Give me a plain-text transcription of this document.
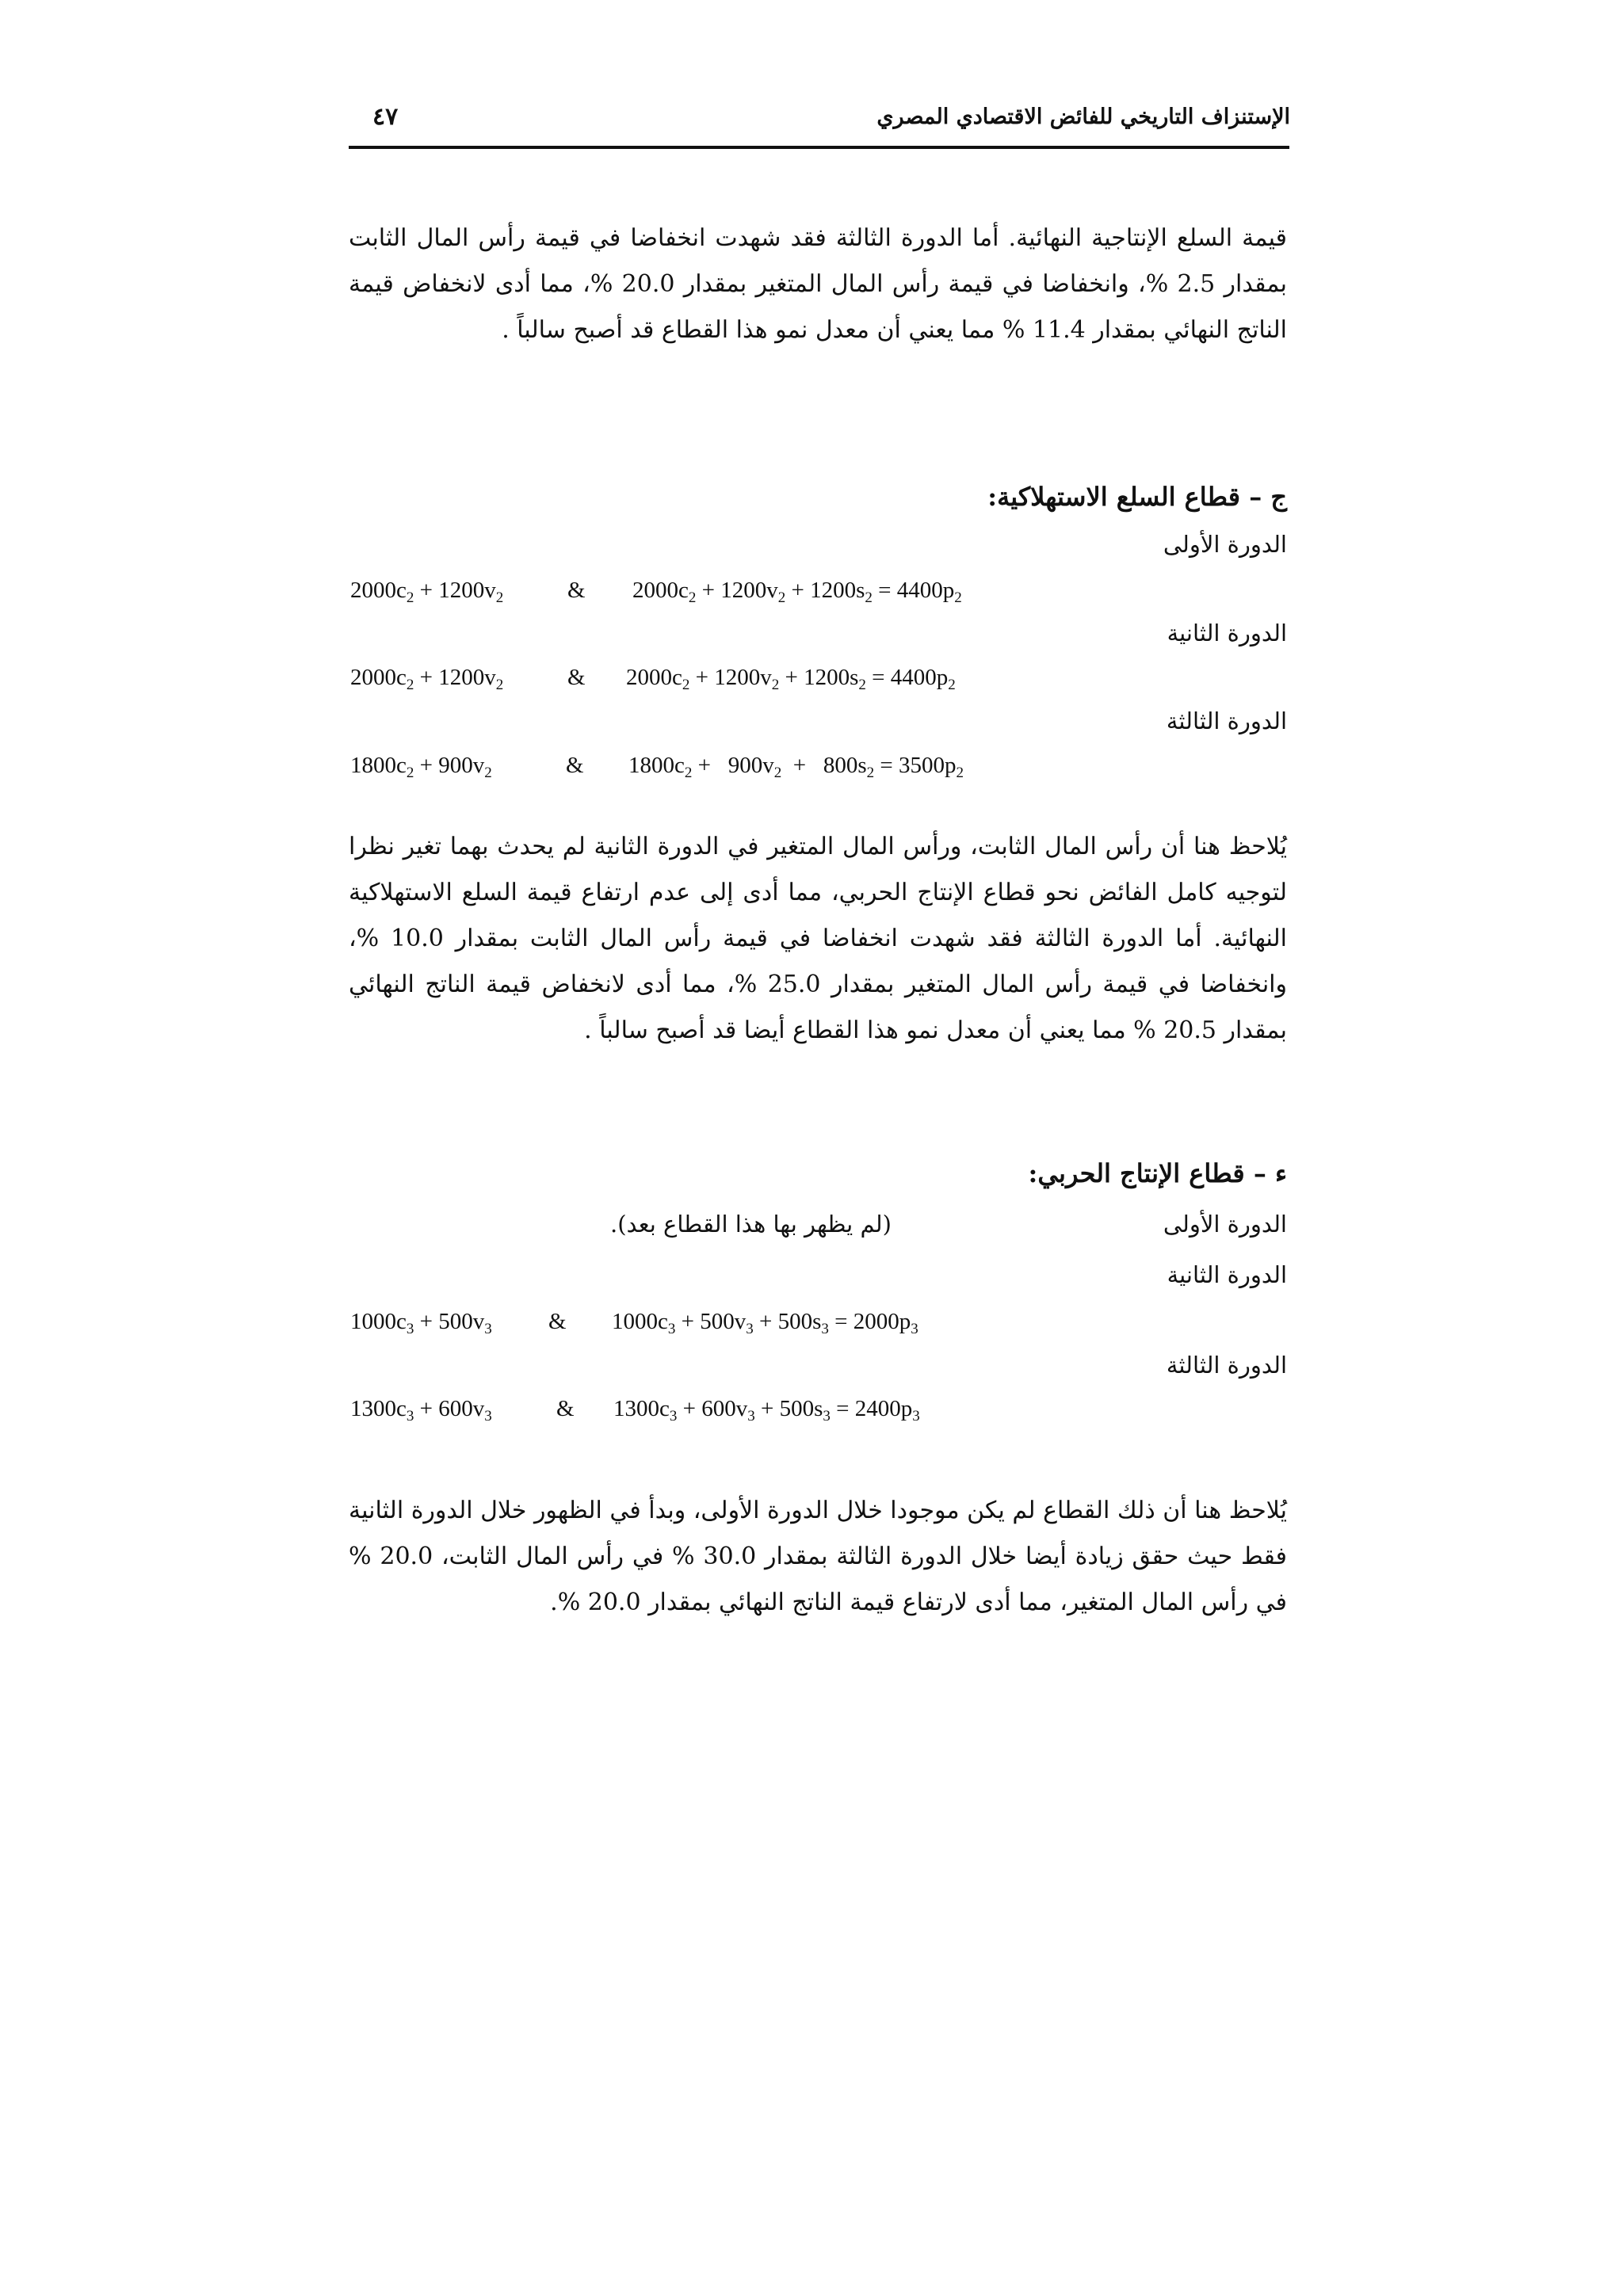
الإستنزاف التاريخي للفائض الاقتصادي المصري
٤٧

قيمة السلع الإنتاجية النهائية. أما الدورة الثالثة فقد شهدت انخفاضا في قيمة رأس المال الثابت بمقدار 2.5 %، وانخفاضا في قيمة رأس المال المتغير بمقدار 20.0 %، مما أدى لانخفاض قيمة الناتج النهائي بمقدار 11.4 % مما يعني أن معدل نمو هذا القطاع قد أصبح سالباً .

ج – قطاع السلع الاستهلاكية:
الدورة الأولى
$2000c_2 + 1200v_2$	& $2000c_2 + 1200v_2 + 1200s_2 = 4400p_2$
الدورة الثانية
$2000c_2 + 1200v_2$	& $2000c_2 + 1200v_2 + 1200s_2 = 4400p_2$
الدورة الثالثة
$1800c_2 + 900v_2$	& $1800c_2 + 900v_2 + 800s_2 = 3500p_2$

يُلاحظ هنا أن رأس المال الثابت، ورأس المال المتغير في الدورة الثانية لم يحدث بهما تغير نظرا لتوجيه كامل الفائض نحو قطاع الإنتاج الحربي، مما أدى إلى عدم ارتفاع قيمة السلع الاستهلاكية النهائية. أما الدورة الثالثة فقد شهدت انخفاضا في قيمة رأس المال الثابت بمقدار 10.0 %، وانخفاضا في قيمة رأس المال المتغير بمقدار 25.0 %، مما أدى لانخفاض قيمة الناتج النهائي بمقدار 20.5 % مما يعني أن معدل نمو هذا القطاع أيضا قد أصبح سالباً .

ء – قطاع الإنتاج الحربي:
الدورة الأولى
(لم يظهر بها هذا القطاع بعد).
الدورة الثانية
$1000c_3 + 500v_3$ & $1000c_3 + 500v_3 + 500s_3 = 2000p_3$
الدورة الثالثة
$1300c_3 + 600v_3$	& $1300c_3 + 600v_3 + 500s_3 = 2400p_3$

يُلاحظ هنا أن ذلك القطاع لم يكن موجودا خلال الدورة الأولى، وبدأ في الظهور خلال الدورة الثانية فقط حيث حقق زيادة أيضا خلال الدورة الثالثة بمقدار 30.0 % في رأس المال الثابت، 20.0 % في رأس المال المتغير، مما أدى لارتفاع قيمة الناتج النهائي بمقدار 20.0 %.
